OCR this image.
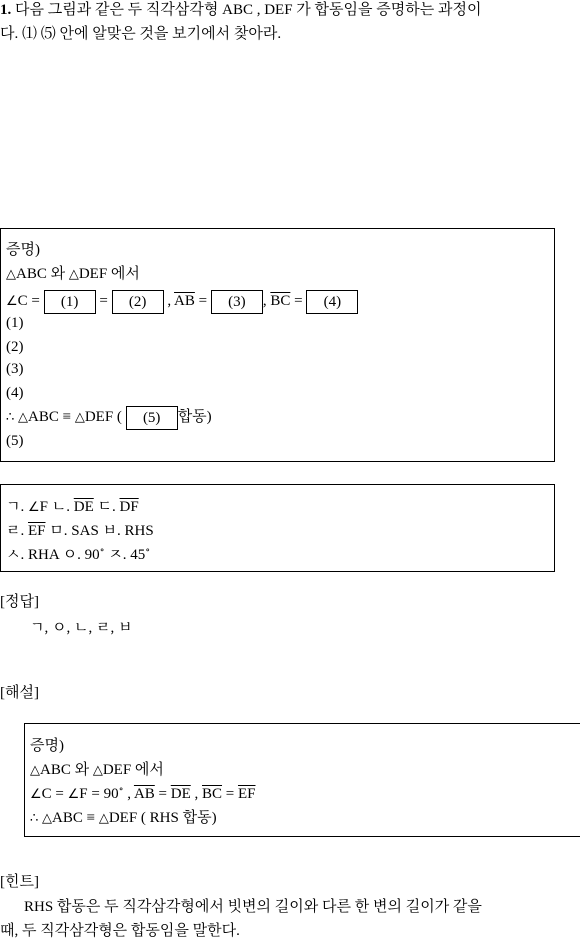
1. 다음 그림과 같은 두 직각삼각형 ABC , DEF 가 합동임을 증명하는 과정이
다. ⑴ ⑸ 안에 알맞은 것을 보기에서 찾아라.
증명)
△ABC 와 △DEF 에서
∠C = (1) = (2) , $\overline{AB} = (3)$ , $\overline{BC} = (4)$
(1)
(2)
(3)
(4)
∴ △ABC ≡ △DEF ( (5) 합동)
(5)
ㄱ. ∠F ㄴ. $\overline{DE}$ ㄷ. $\overline{DF}$
ㄹ. $\overline{EF}$ ㅁ. SAS ㅂ. RHS
ㅅ. RHA ㅇ. 90∘ ㅈ. 45∘
[정답]
ㄱ, ㅇ, ㄴ, ㄹ, ㅂ
[해설]
증명)
△ABC 와 △DEF 에서
∠C = ∠F = 90∘ , $\overline{AB} = \overline{DE}$ , $\overline{BC} = \overline{EF}$
∴ △ABC ≡ △DEF ( RHS 합동)
[힌트]
RHS 합동은 두 직각삼각형에서 빗변의 길이와 다른 한 변의 길이가 같을
때, 두 직각삼각형은 합동임을 말한다.
